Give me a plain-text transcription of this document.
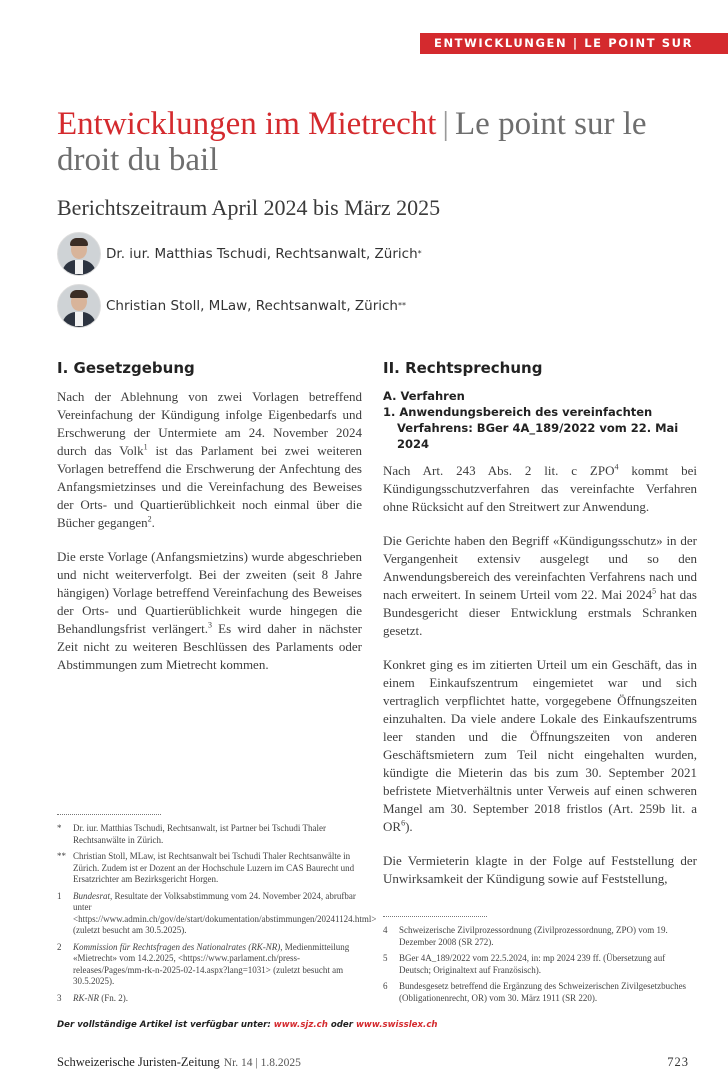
ENTWICKLUNGEN | LE POINT SUR
Entwicklungen im Mietrecht | Le point sur le droit du bail
Berichtszeitraum April 2024 bis März 2025
Dr. iur. Matthias Tschudi, Rechtsanwalt, Zürich *
Christian Stoll, MLaw, Rechtsanwalt, Zürich **
I. Gesetzgebung

Nach der Ablehnung von zwei Vorlagen betreffend Vereinfachung der Kündigung infolge Eigenbedarfs und Erschwerung der Untermiete am 24. November 2024 durch das Volk$^1$ ist das Parlament bei zwei weiteren Vorlagen betreffend die Erschwerung der Anfechtung des Anfangsmietzinses und die Vereinfachung des Beweises der Orts- und Quartierüblichkeit noch einmal über die Bücher gegangen$^2$.

Die erste Vorlage (Anfangsmietzins) wurde abgeschrieben und nicht weiterverfolgt. Bei der zweiten (seit 8 Jahre hängigen) Vorlage betreffend Vereinfachung des Beweises der Orts- und Quartierüblichkeit wurde hingegen die Behandlungsfrist verlängert.$^3$ Es wird daher in nächster Zeit nicht zu weiteren Beschlüssen des Parlaments oder Abstimmungen zum Mietrecht kommen.

*	Dr. iur. Matthias Tschudi, Rechtsanwalt, ist Partner bei Tschudi Thaler Rechtsanwälte in Zürich.
** Christian Stoll, MLaw, ist Rechtsanwalt bei Tschudi Thaler Rechtsanwälte in Zürich. Zudem ist er Dozent an der Hochschule Luzern im CAS Baurecht und Ersatzrichter am Bezirksgericht Horgen.
1	Bundesrat, Resultate der Volksabstimmung vom 24. November 2024, abrufbar unter <https://www.admin.ch/gov/de/start/dokumentation/abstimmungen/20241124.html> (zuletzt besucht am 30.5.2025).
2	Kommission für Rechtsfragen des Nationalrates (RK-NR), Medienmitteilung «Mietrecht» vom 14.2.2025, <https://www.parlament.ch/press-releases/Pages/mm-rk-n-2025-02-14.aspx?lang=1031> (zuletzt besucht am 30.5.2025).
3	RK-NR (Fn. 2).
II. Rechtsprechung
A. Verfahren
1. Anwendungsbereich des vereinfachten Verfahrens: BGer 4A_189/2022 vom 22. Mai 2024

Nach Art. 243 Abs. 2 lit. c ZPO$^4$ kommt bei Kündigungsschutzverfahren das vereinfachte Verfahren ohne Rücksicht auf den Streitwert zur Anwendung.

Die Gerichte haben den Begriff «Kündigungsschutz» in der Vergangenheit extensiv ausgelegt und so den Anwendungsbereich des vereinfachten Verfahrens nach und nach erweitert. In seinem Urteil vom 22. Mai 2024$^5$ hat das Bundesgericht dieser Entwicklung erstmals Schranken gesetzt.

Konkret ging es im zitierten Urteil um ein Geschäft, das in einem Einkaufszentrum eingemietet war und sich vertraglich verpflichtet hatte, vorgegebene Öffnungszeiten einzuhalten. Da viele andere Lokale des Einkaufszentrums leer standen und die Öffnungszeiten von anderen Geschäftsmietern zum Teil nicht eingehalten wurden, kündigte die Mieterin das bis zum 30. September 2021 befristete Mietverhältnis unter Verweis auf einen schweren Mangel am 30. September 2018 fristlos (Art. 259b lit. a $OR^6$).

Die Vermieterin klagte in der Folge auf Feststellung der Unwirksamkeit der Kündigung sowie auf Feststellung,

4	Schweizerische Zivilprozessordnung (Zivilprozessordnung, ZPO) vom 19. Dezember 2008 (SR 272).
5	BGer 4A_189/2022 vom 22.5.2024, in: mp 2024 239 ff. (Übersetzung auf Deutsch; Originaltext auf Französisch).
6	Bundesgesetz betreffend die Ergänzung des Schweizerischen Zivilgesetzbuches (Obligationenrecht, OR) vom 30. März 1911 (SR 220).
Der vollständige Artikel ist verfügbar unter: www.sjz.ch oder www.swisslex.ch
Schweizerische Juristen-Zeitung Nr. 14 | 1.8.2025	723
